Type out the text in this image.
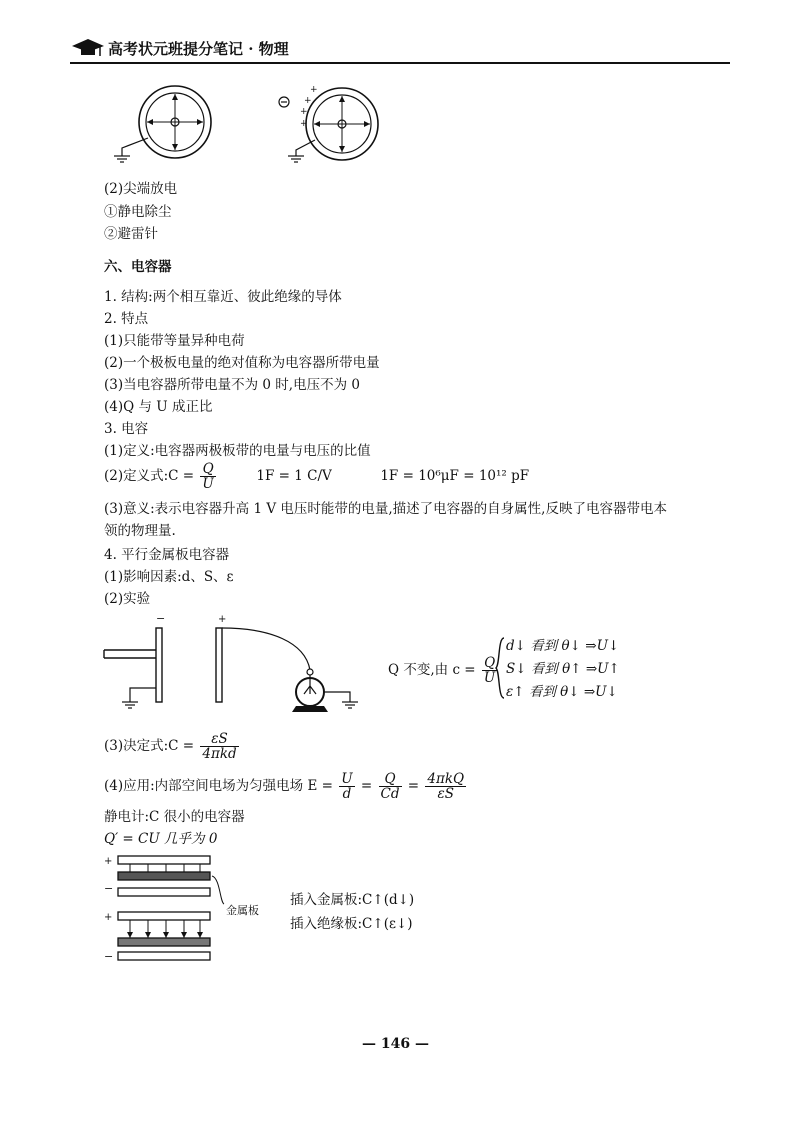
高考状元班提分笔记 · 物理
+
+
+
+
(2)尖端放电
①静电除尘
②避雷针
六、电容器
1. 结构:两个相互靠近、彼此绝缘的导体
2. 特点
(1)只能带等量异种电荷
(2)一个极板电量的绝对值称为电容器所带电量
(3)当电容器所带电量不为 0 时,电压不为 0
(4)Q 与 U 成正比
3. 电容
(1)定义:电容器两极板带的电量与电压的比值
(2)定义式:C = $\frac{Q}{U}$	1F = 1 C/V	1F = 10⁶μF = 10¹² pF
(3)意义:表示电容器升高 1 V 电压时能带的电量,描述了电容器的自身属性,反映了电容器带电本
领的物理量.
4. 平行金属板电容器
(1)影响因素:d、S、ε
(2)实验
−	+
Q 不变,由 $c = \frac{Q}{U}$
d↓ 看到 θ↓ ⇒U↓
S↓ 看到 θ↑ ⇒U↑
ε↑ 看到 θ↓ ⇒U↓
(3)决定式:C = $\frac{\varepsilon S}{\text{4πkd}}$
(4)应用:内部空间电场为匀强电场 $E = \frac{U}{d} = \frac{Q}{Cd} = \frac{\text{4πkQ}}{\varepsilon S}$
静电计:C 很小的电容器
Q′ = CU 几乎为 0
+
−
+
−
金属板
插入金属板:C↑(d↓)
插入绝缘板:C↑(ε↓)
— 146 —
